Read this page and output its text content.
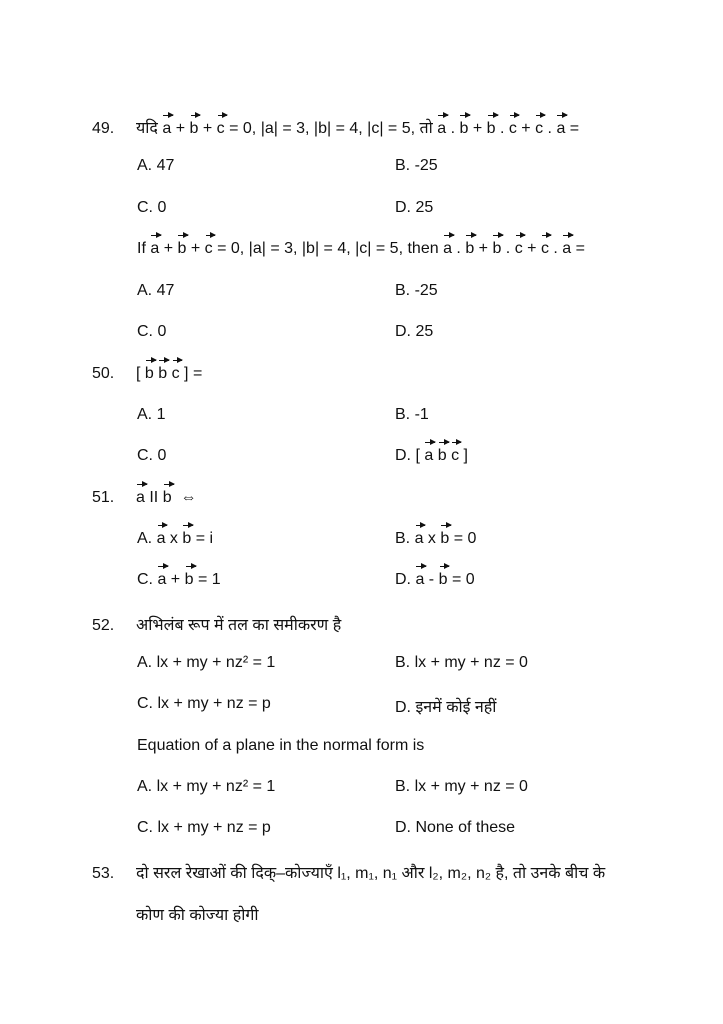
49. यदि a + b + c = 0, |a| = 3, |b| = 4, |c| = 5, तो a . b + b . c + c . a =
A. 47	B. -25
C. 0	D. 25
If a + b + c = 0, |a| = 3, |b| = 4, |c| = 5, then a . b + b . c + c . a =
A. 47	B. -25
C. 0	D. 25
50. [ b b c ] =
A. 1	B. -1
C. 0	D. [ a b c ]
51. a II b ⇔
A. a x b = i	B. a x b = 0
C. a + b = 1	D. a - b = 0
52. अभिलंब रूप में तल का समीकरण है
A. lx + my + nz² = 1	B. lx + my + nz = 0
C. lx + my + nz = p	D. इनमें कोई नहीं
Equation of a plane in the normal form is
A. lx + my + nz² = 1	B. lx + my + nz = 0
C. lx + my + nz = p	D. None of these
53. दो सरल रेखाओं की दिक्–कोज्याएँ l₁, m₁, n₁ और l₂, m₂, n₂ है, तो उनके बीच के
कोण की कोज्या होगी
